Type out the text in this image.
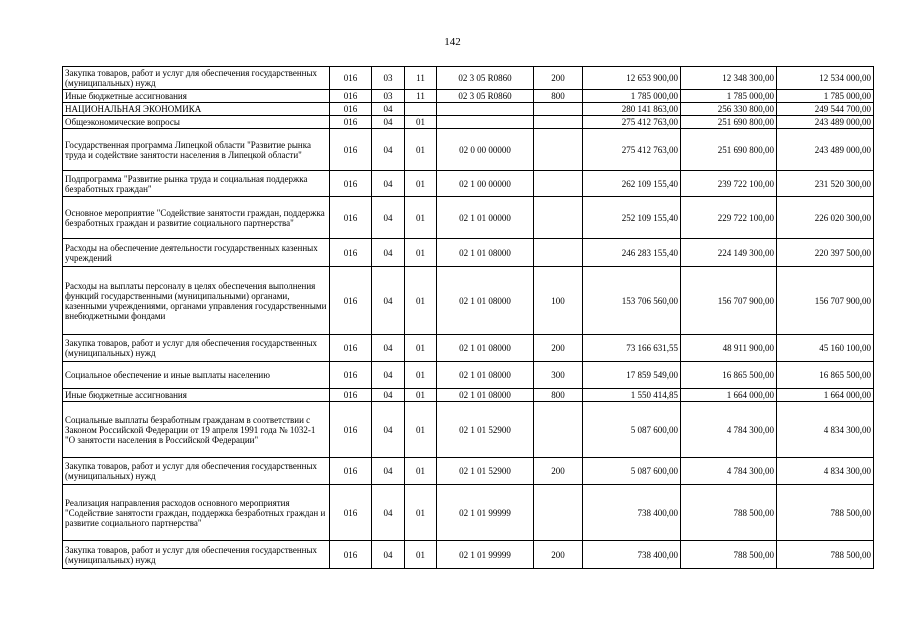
142
Закупка товаров, работ и услуг для обеспечения государственных (муниципальных) нужд	016	03	11	02 3 05 R0860	200	12 653 900,00	12 348 300,00	12 534 000,00
Иные бюджетные ассигнования	016	03	11	02 3 05 R0860	800	1 785 000,00	1 785 000,00	1 785 000,00
НАЦИОНАЛЬНАЯ ЭКОНОМИКА	016	04				280 141 863,00	256 330 800,00	249 544 700,00
Общеэкономические вопросы	016	04	01			275 412 763,00	251 690 800,00	243 489 000,00
Государственная программа Липецкой области "Развитие рынка труда и содействие занятости населения в Липецкой области"	016	04	01	02 0 00 00000		275 412 763,00	251 690 800,00	243 489 000,00
Подпрограмма "Развитие рынка труда и социальная поддержка безработных граждан"	016	04	01	02 1 00 00000		262 109 155,40	239 722 100,00	231 520 300,00
Основное мероприятие "Содействие занятости граждан, поддержка безработных граждан и развитие социального партнерства"	016	04	01	02 1 01 00000		252 109 155,40	229 722 100,00	226 020 300,00
Расходы на обеспечение деятельности государственных казенных учреждений	016	04	01	02 1 01 08000		246 283 155,40	224 149 300,00	220 397 500,00
Расходы на выплаты персоналу в целях обеспечения выполнения функций государственными (муниципальными) органами, казенными учреждениями, органами управления государственными внебюджетными фондами	016	04	01	02 1 01 08000	100	153 706 560,00	156 707 900,00	156 707 900,00
Закупка товаров, работ и услуг для обеспечения государственных (муниципальных) нужд	016	04	01	02 1 01 08000	200	73 166 631,55	48 911 900,00	45 160 100,00
Социальное обеспечение и иные выплаты населению	016	04	01	02 1 01 08000	300	17 859 549,00	16 865 500,00	16 865 500,00
Иные бюджетные ассигнования	016	04	01	02 1 01 08000	800	1 550 414,85	1 664 000,00	1 664 000,00
Социальные выплаты безработным гражданам в соответствии с Законом Российской Федерации от 19 апреля 1991 года № 1032-1 "О занятости населения в Российской Федерации"	016	04	01	02 1 01 52900		5 087 600,00	4 784 300,00	4 834 300,00
Закупка товаров, работ и услуг для обеспечения государственных (муниципальных) нужд	016	04	01	02 1 01 52900	200	5 087 600,00	4 784 300,00	4 834 300,00
Реализация направления расходов основного мероприятия "Содействие занятости граждан, поддержка безработных граждан и развитие социального партнерства"	016	04	01	02 1 01 99999		738 400,00	788 500,00	788 500,00
Закупка товаров, работ и услуг для обеспечения государственных (муниципальных) нужд	016	04	01	02 1 01 99999	200	738 400,00	788 500,00	788 500,00
